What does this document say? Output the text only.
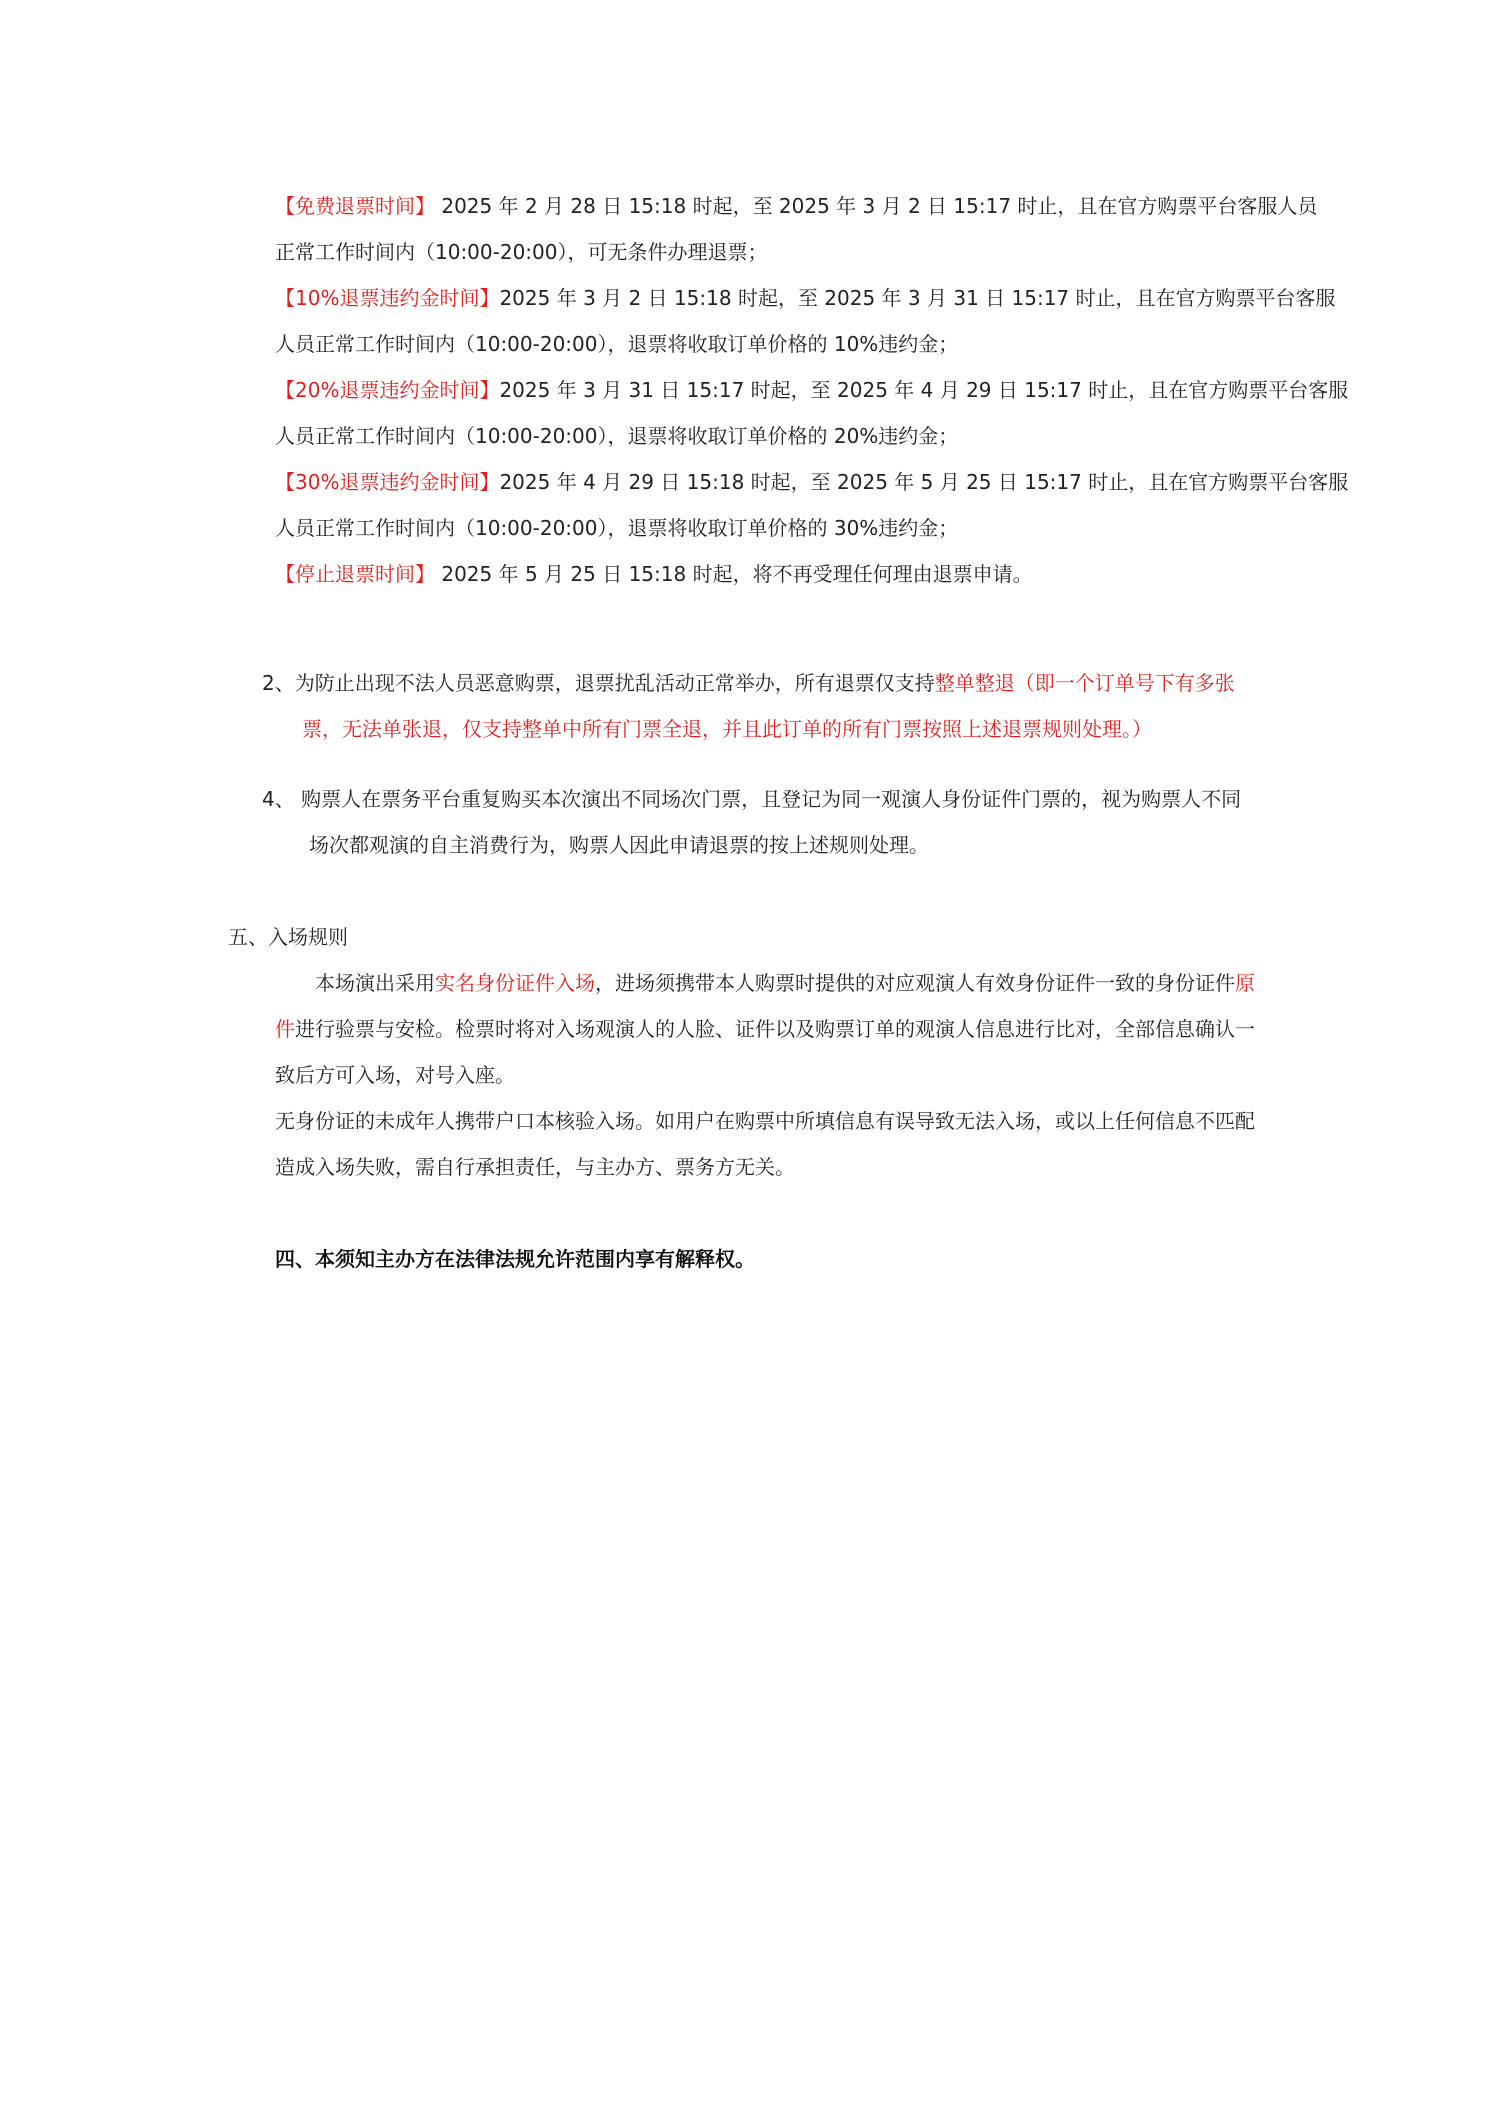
【免费退票时间】 2025 年 2 月 28 日 15:18 时起，至 2025 年 3 月 2 日 15:17 时止，且在官方购票平台客服人员
正常工作时间内（10:00-20:00），可无条件办理退票；
【10%退票违约金时间】2025 年 3 月 2 日 15:18 时起，至 2025 年 3 月 31 日 15:17 时止，且在官方购票平台客服
人员正常工作时间内（10:00-20:00），退票将收取订单价格的 10%违约金；
【20%退票违约金时间】2025 年 3 月 31 日 15:17 时起，至 2025 年 4 月 29 日 15:17 时止，且在官方购票平台客服
人员正常工作时间内（10:00-20:00），退票将收取订单价格的 20%违约金；
【30%退票违约金时间】2025 年 4 月 29 日 15:18 时起，至 2025 年 5 月 25 日 15:17 时止，且在官方购票平台客服
人员正常工作时间内（10:00-20:00），退票将收取订单价格的 30%违约金；
【停止退票时间】 2025 年 5 月 25 日 15:18 时起，将不再受理任何理由退票申请。
2、为防止出现不法人员恶意购票，退票扰乱活动正常举办，所有退票仅支持整单整退（即一个订单号下有多张
票，无法单张退，仅支持整单中所有门票全退，并且此订单的所有门票按照上述退票规则处理。）
4、 购票人在票务平台重复购买本次演出不同场次门票，且登记为同一观演人身份证件门票的，视为购票人不同
场次都观演的自主消费行为，购票人因此申请退票的按上述规则处理。
五、入场规则
本场演出采用实名身份证件入场，进场须携带本人购票时提供的对应观演人有效身份证件一致的身份证件原
件进行验票与安检。检票时将对入场观演人的人脸、证件以及购票订单的观演人信息进行比对，全部信息确认一
致后方可入场，对号入座。
无身份证的未成年人携带户口本核验入场。如用户在购票中所填信息有误导致无法入场，或以上任何信息不匹配
造成入场失败，需自行承担责任，与主办方、票务方无关。
四、本须知主办方在法律法规允许范围内享有解释权。
